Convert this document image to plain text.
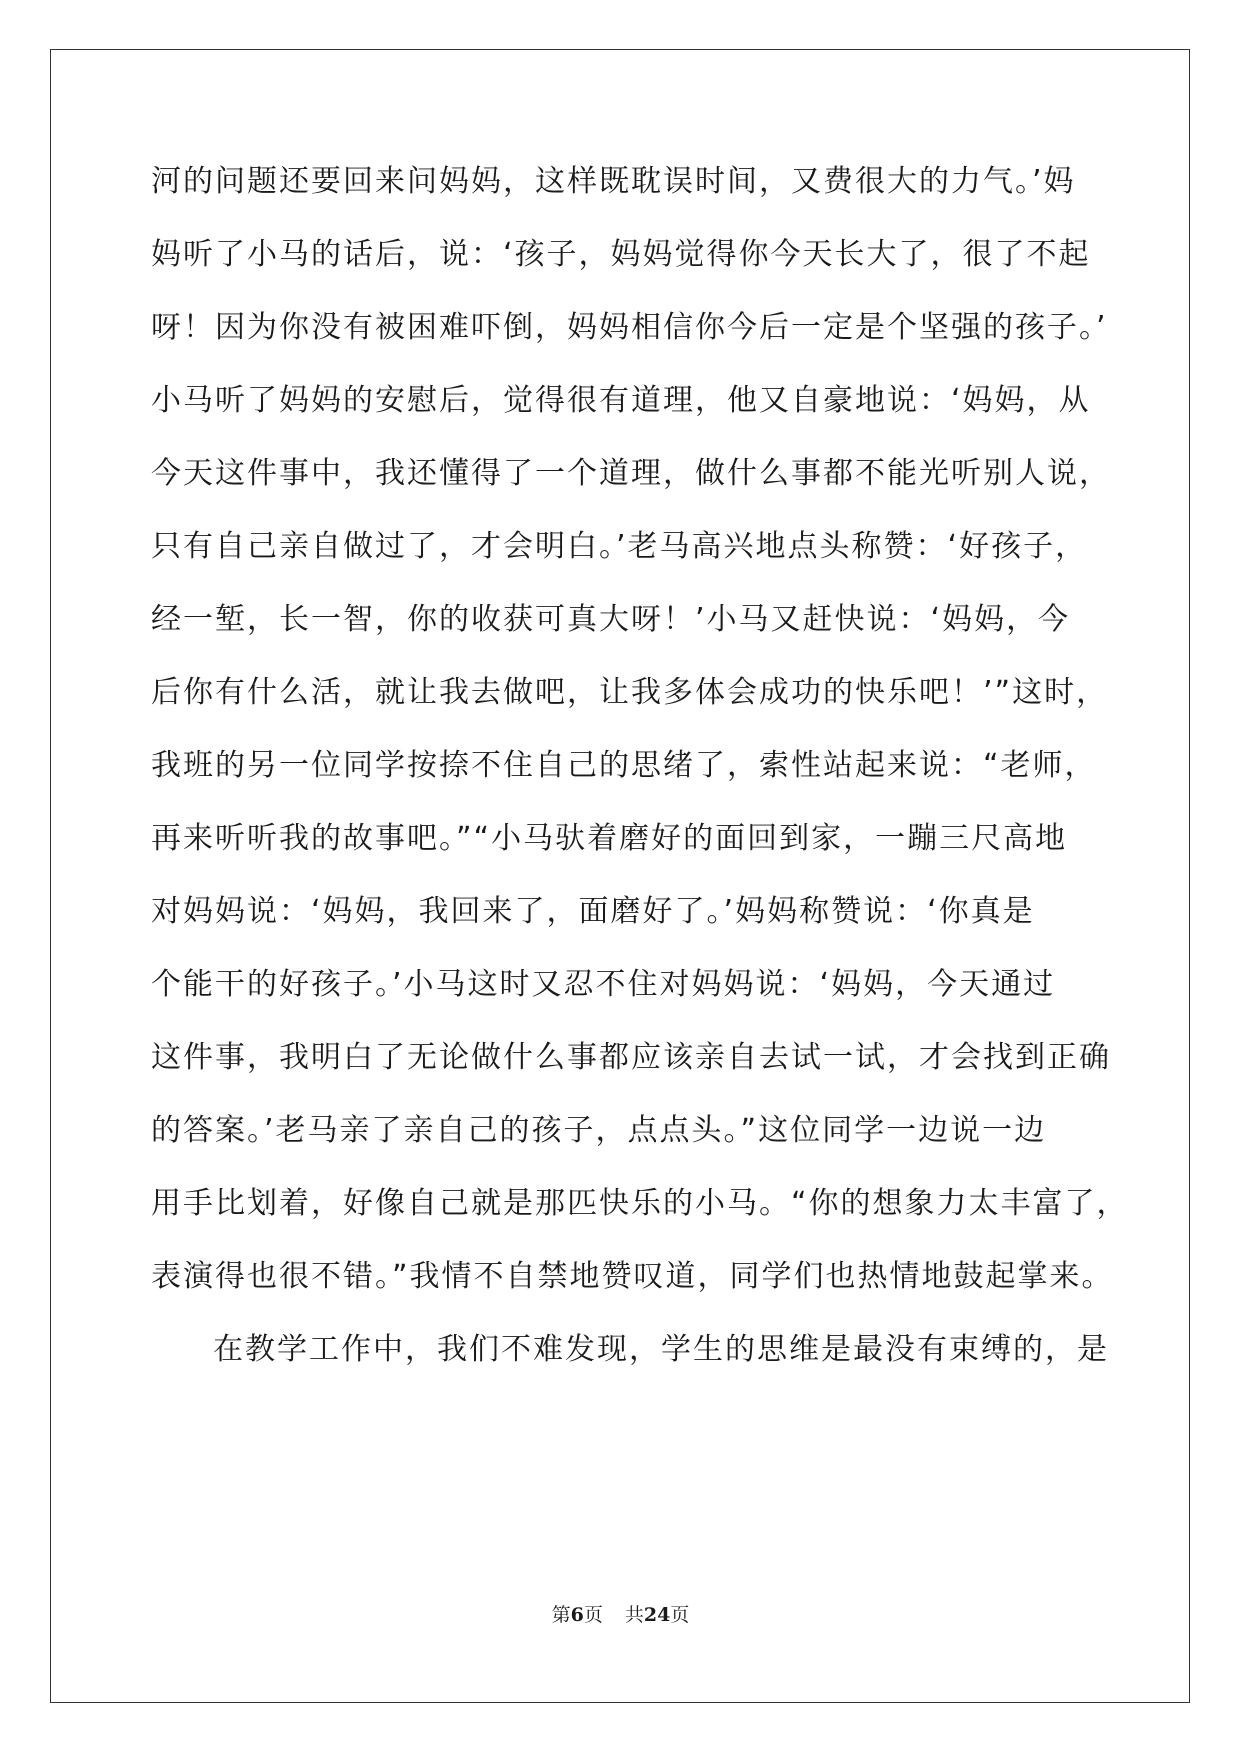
河的问题还要回来问妈妈，这样既耽误时间，又费很大的力气。’妈
妈听了小马的话后，说：‘孩子，妈妈觉得你今天长大了，很了不起
呀！因为你没有被困难吓倒，妈妈相信你今后一定是个坚强的孩子。’
小马听了妈妈的安慰后，觉得很有道理，他又自豪地说：‘妈妈，从
今天这件事中，我还懂得了一个道理，做什么事都不能光听别人说，
只有自己亲自做过了，才会明白。’老马高兴地点头称赞：‘好孩子，
经一堑，长一智，你的收获可真大呀！’小马又赶快说：‘妈妈，今
后你有什么活，就让我去做吧，让我多体会成功的快乐吧！’”这时，
我班的另一位同学按捺不住自己的思绪了，索性站起来说：“老师，
再来听听我的故事吧。”“小马驮着磨好的面回到家，一蹦三尺高地
对妈妈说：‘妈妈，我回来了，面磨好了。’妈妈称赞说：‘你真是
个能干的好孩子。’小马这时又忍不住对妈妈说：‘妈妈，今天通过
这件事，我明白了无论做什么事都应该亲自去试一试，才会找到正确
的答案。’老马亲了亲自己的孩子，点点头。”这位同学一边说一边
用手比划着，好像自己就是那匹快乐的小马。“你的想象力太丰富了，
表演得也很不错。”我情不自禁地赞叹道，同学们也热情地鼓起掌来。
在教学工作中，我们不难发现，学生的思维是最没有束缚的，是
第6页 共24页
